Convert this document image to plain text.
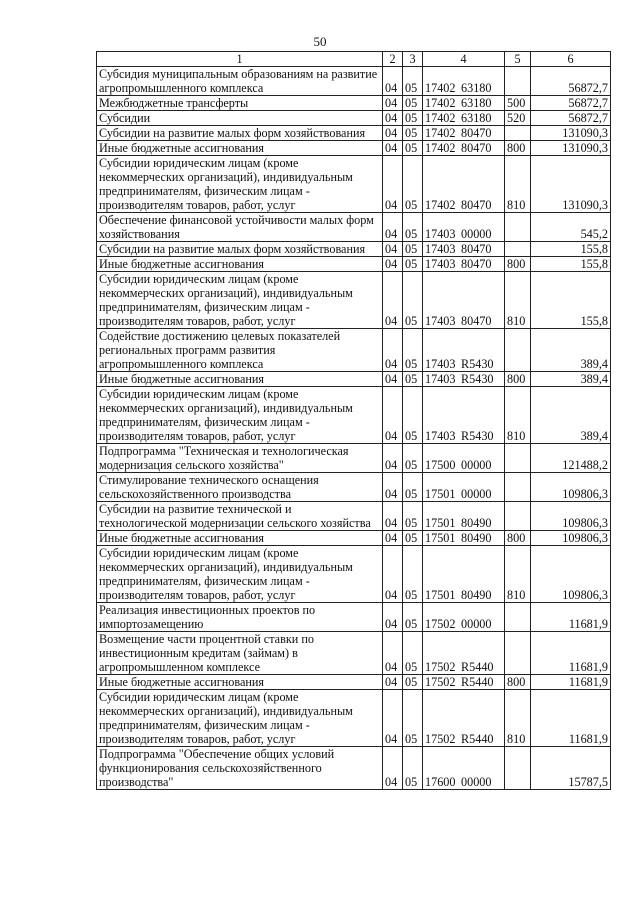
50
1	2	3	4	5	6
Субсидия муниципальным образованиям на развитие агропромышленного комплекса	04	05	17402 63180		56872,7
Межбюджетные трансферты	04	05	17402 63180	500	56872,7
Субсидии	04	05	17402 63180	520	56872,7
Субсидии на развитие малых форм хозяйствования	04	05	17402 80470		131090,3
Иные бюджетные ассигнования	04	05	17402 80470	800	131090,3
Субсидии юридическим лицам (кроме некоммерческих организаций), индивидуальным предпринимателям, физическим лицам - производителям товаров, работ, услуг	04	05	17402 80470	810	131090,3
Обеспечение финансовой устойчивости малых форм хозяйствования	04	05	17403 00000		545,2
Субсидии на развитие малых форм хозяйствования	04	05	17403 80470		155,8
Иные бюджетные ассигнования	04	05	17403 80470	800	155,8
Субсидии юридическим лицам (кроме некоммерческих организаций), индивидуальным предпринимателям, физическим лицам - производителям товаров, работ, услуг	04	05	17403 80470	810	155,8
Содействие достижению целевых показателей региональных программ развития агропромышленного комплекса	04	05	17403 R5430		389,4
Иные бюджетные ассигнования	04	05	17403 R5430	800	389,4
Субсидии юридическим лицам (кроме некоммерческих организаций), индивидуальным предпринимателям, физическим лицам - производителям товаров, работ, услуг	04	05	17403 R5430	810	389,4
Подпрограмма "Техническая и технологическая модернизация сельского хозяйства"	04	05	17500 00000		121488,2
Стимулирование технического оснащения сельскохозяйственного производства	04	05	17501 00000		109806,3
Субсидии на развитие технической и технологической модернизации сельского хозяйства	04	05	17501 80490		109806,3
Иные бюджетные ассигнования	04	05	17501 80490	800	109806,3
Субсидии юридическим лицам (кроме некоммерческих организаций), индивидуальным предпринимателям, физическим лицам - производителям товаров, работ, услуг	04	05	17501 80490	810	109806,3
Реализация инвестиционных проектов по импортозамещению	04	05	17502 00000		11681,9
Возмещение части процентной ставки по инвестиционным кредитам (займам) в агропромышленном комплексе	04	05	17502 R5440		11681,9
Иные бюджетные ассигнования	04	05	17502 R5440	800	11681,9
Субсидии юридическим лицам (кроме некоммерческих организаций), индивидуальным предпринимателям, физическим лицам - производителям товаров, работ, услуг	04	05	17502 R5440	810	11681,9
Подпрограмма "Обеспечение общих условий функционирования сельскохозяйственного производства"	04	05	17600 00000		15787,5
